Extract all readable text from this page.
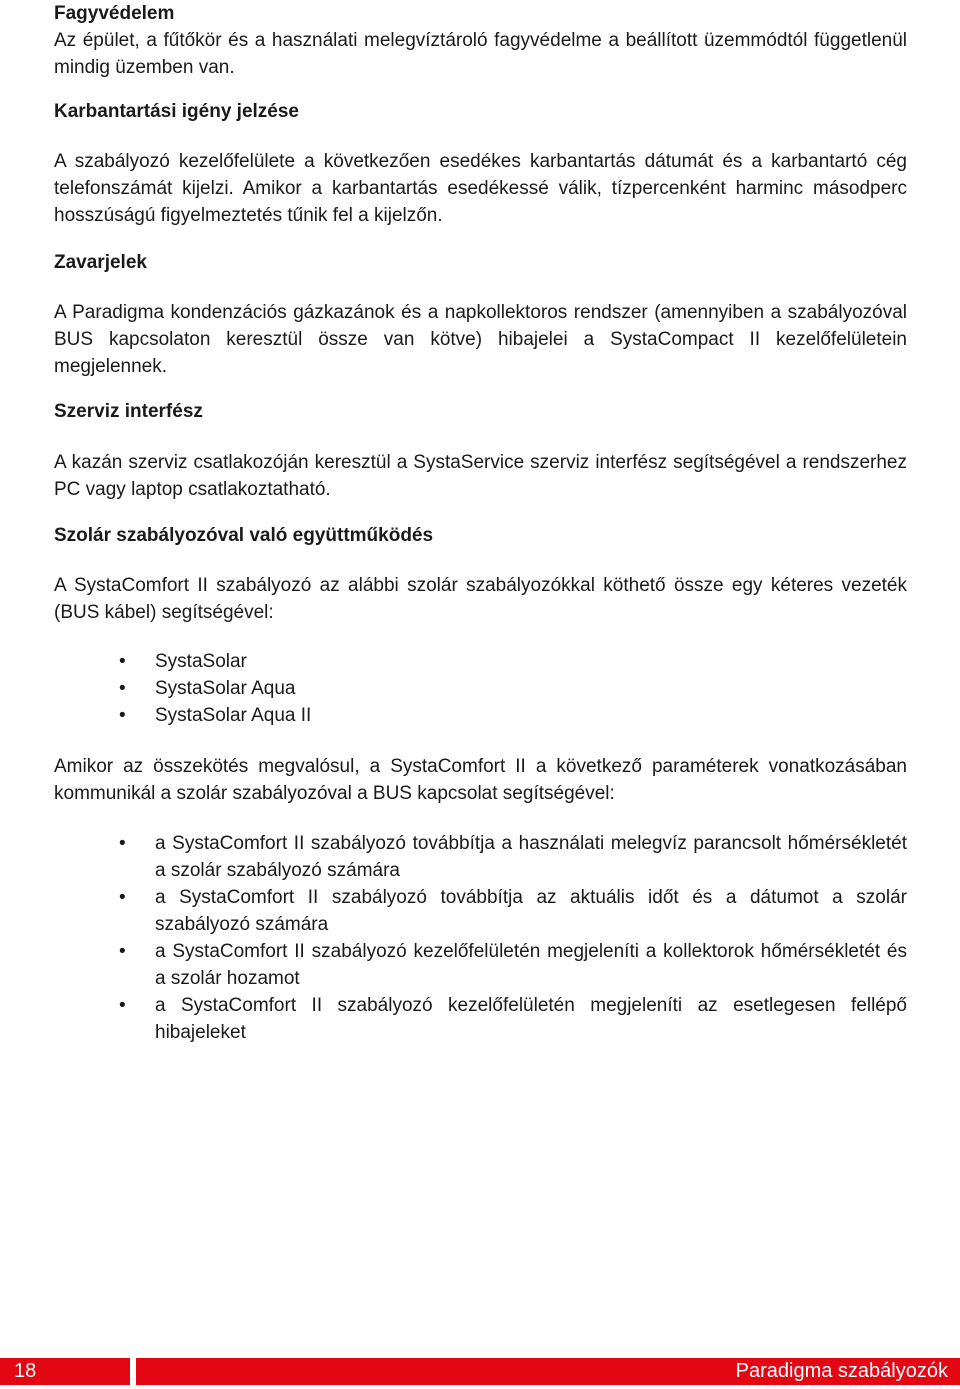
Fagyvédelem

Az épület, a fűtőkör és a használati melegvíztároló fagyvédelme a beállított üzemmódtól függetlenül mindig üzemben van.

Karbantartási igény jelzése

A szabályozó kezelőfelülete a következően esedékes karbantartás dátumát és a karbantartó cég telefonszámát kijelzi. Amikor a karbantartás esedékessé válik, tízpercenként harminc másodperc hosszúságú figyelmeztetés tűnik fel a kijelzőn.

Zavarjelek

A Paradigma kondenzációs gázkazánok és a napkollektoros rendszer (amennyiben a szabályozóval BUS kapcsolaton keresztül össze van kötve) hibajelei a SystaCompact II kezelőfelületein megjelennek.

Szerviz interfész

A kazán szerviz csatlakozóján keresztül a SystaService szerviz interfész segítségével a rendszerhez PC vagy laptop csatlakoztatható.

Szolár szabályozóval való együttműködés

A SystaComfort II szabályozó az alábbi szolár szabályozókkal köthető össze egy kéteres vezeték (BUS kábel) segítségével:

• SystaSolar
• SystaSolar Aqua
• SystaSolar Aqua II

Amikor az összekötés megvalósul, a SystaComfort II a következő paraméterek vonatkozásában kommunikál a szolár szabályozóval a BUS kapcsolat segítségével:

• a SystaComfort II szabályozó továbbítja a használati melegvíz parancsolt hőmérsékletét a szolár szabályozó számára
• a SystaComfort II szabályozó továbbítja az aktuális időt és a dátumot a szolár szabályozó számára
• a SystaComfort II szabályozó kezelőfelületén megjeleníti a kollektorok hőmérsékletét és a szolár hozamot
• a SystaComfort II szabályozó kezelőfelületén megjeleníti az esetlegesen fellépő hibajeleket
18	Paradigma szabályozók
